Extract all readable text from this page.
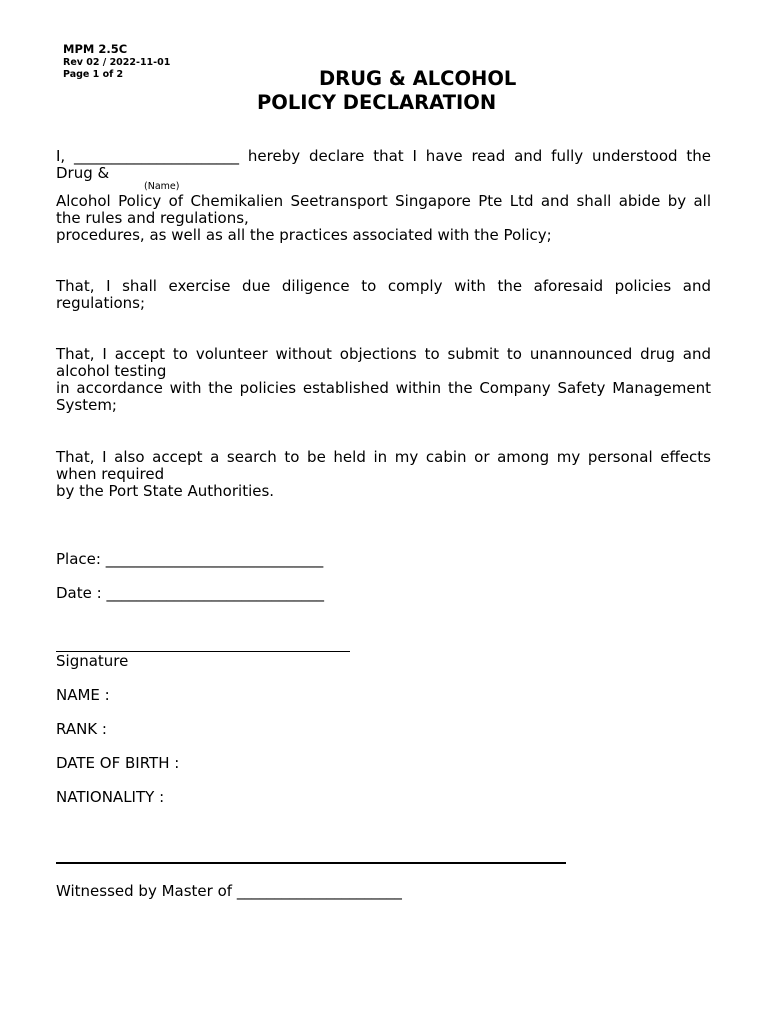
MPM 2.5C
Rev 02 / 2022-11-01
Page 1 of 2	DRUG & ALCOHOL
POLICY DECLARATION
I, ______________________ hereby declare that I have read and fully understood the
Drug &
(Name)
Alcohol Policy of Chemikalien Seetransport Singapore Pte Ltd and shall abide by all
the rules and regulations,
procedures, as well as all the practices associated with the Policy;
That, I shall exercise due diligence to comply with the aforesaid policies and
regulations;
That, I accept to volunteer without objections to submit to unannounced drug and
alcohol testing
in accordance with the policies established within the Company Safety Management
System;
That, I also accept a search to be held in my cabin or among my personal effects
when required
by the Port State Authorities.
Place: _____________________________
Date : _____________________________
Signature
NAME :
RANK :
DATE OF BIRTH :
NATIONALITY :
Witnessed by Master of ______________________
